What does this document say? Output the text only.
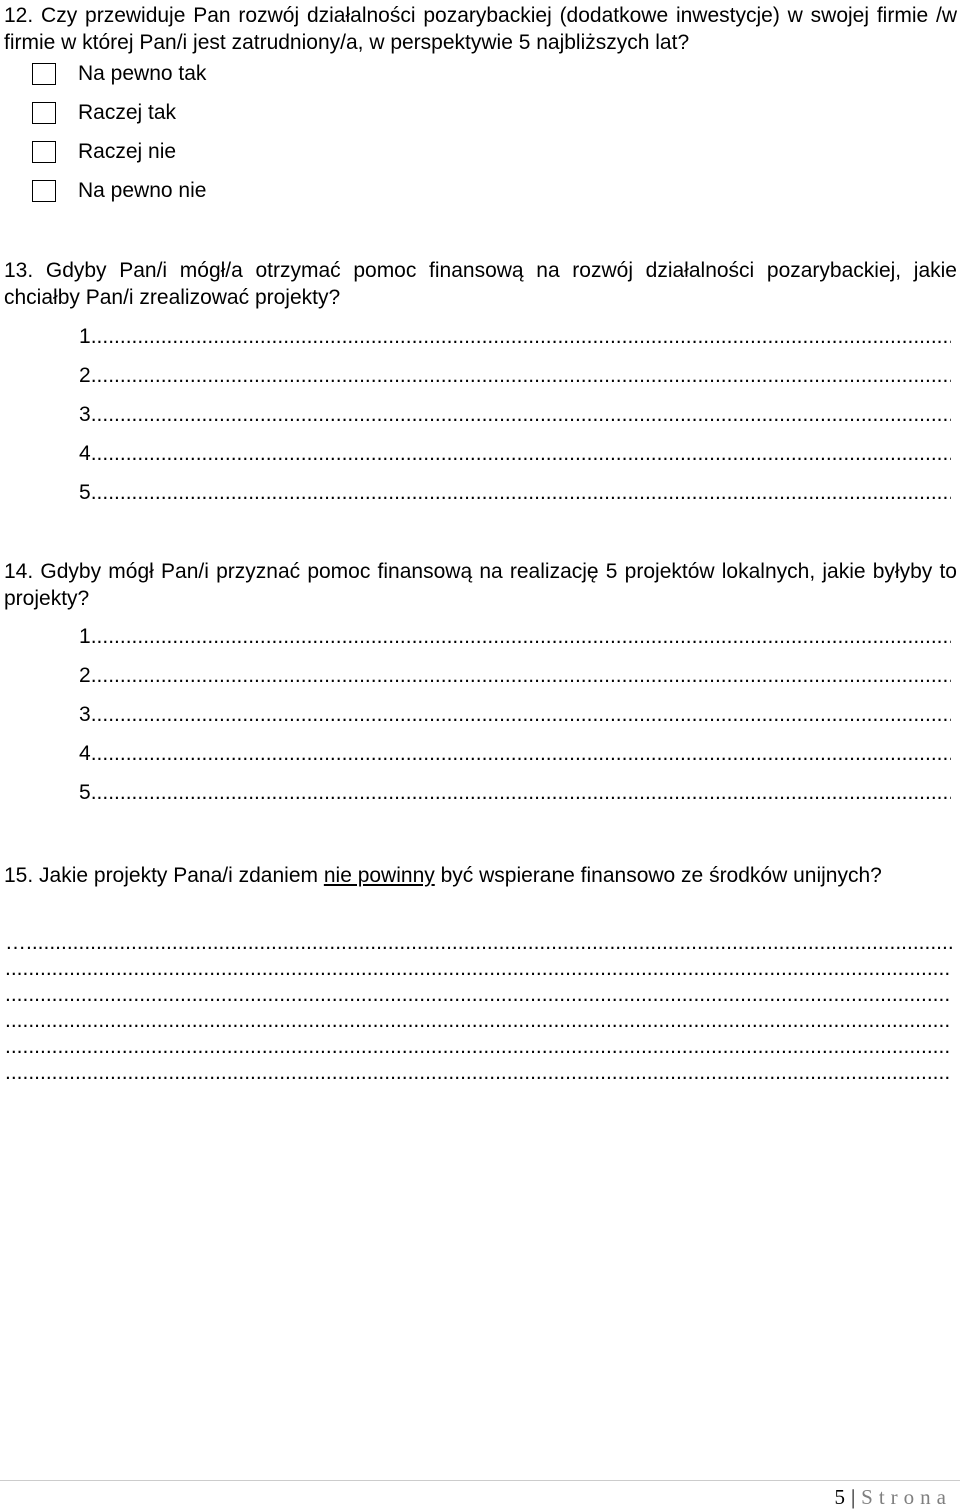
12. Czy przewiduje Pan rozwój działalności pozarybackiej (dodatkowe inwestycje) w swojej firmie /w firmie w której Pan/i jest zatrudniony/a, w perspektywie 5 najbliższych lat?

Na pewno tak
Raczej tak
Raczej nie
Na pewno nie

13. Gdyby Pan/i mógł/a otrzymać pomoc finansową na rozwój działalności pozarybackiej, jakie chciałby Pan/i zrealizować projekty?

1 .....
2 .....
3 .....
4 .....
5 .....

14. Gdyby mógł Pan/i przyznać pomoc finansową na realizację 5 projektów lokalnych, jakie byłyby to projekty?

1 .....
2 .....
3 .....
4 .....
5 .....

15. Jakie projekty Pana/i zdaniem nie powinny być wspierane finansowo ze środków unijnych?

… .....
.....
.....
.....
.....
.....
5 | Strona
